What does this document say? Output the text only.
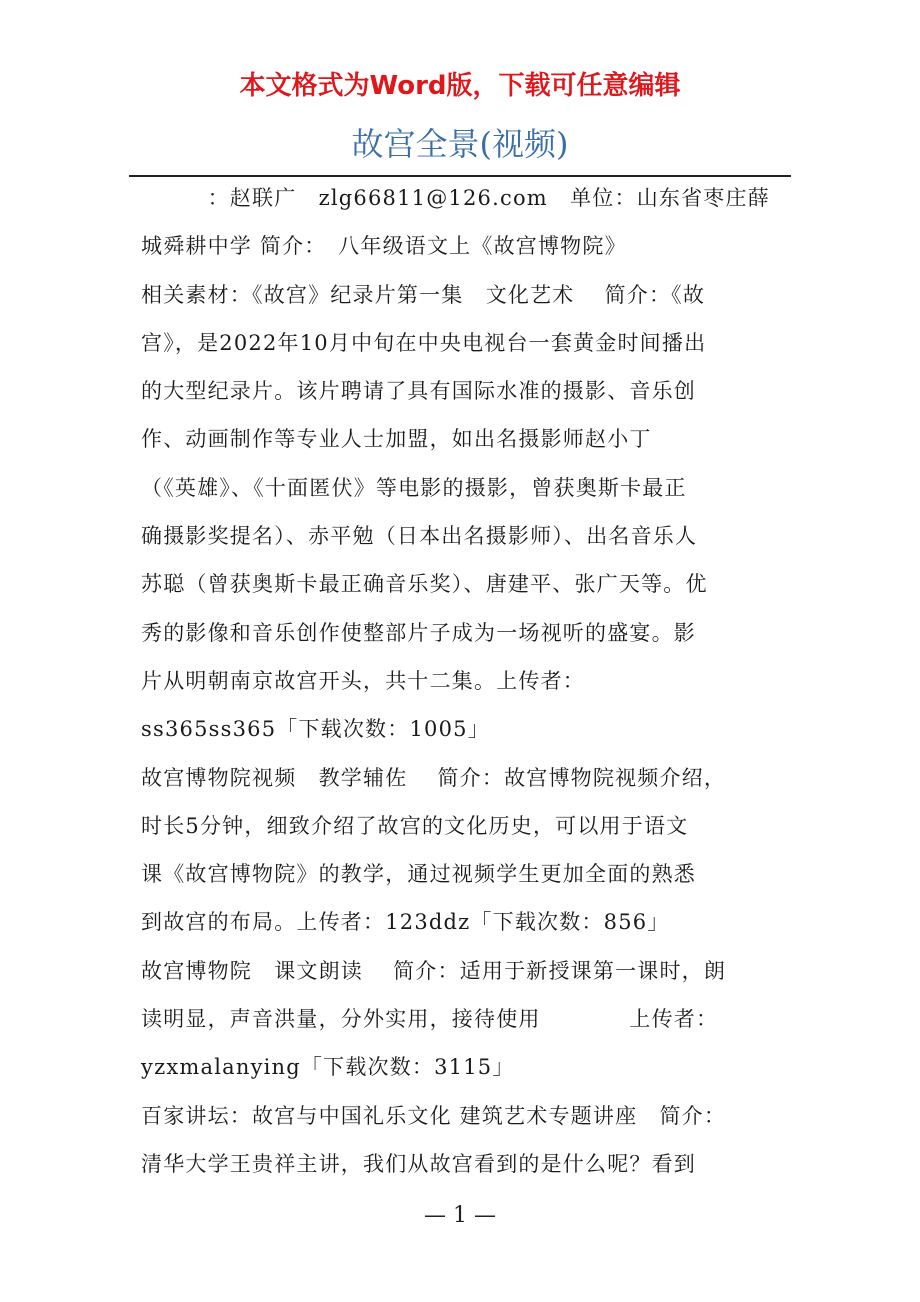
本文格式为Word版，下载可任意编辑
故宫全景(视频)
　　　：赵联广　zlg66811@126.com　单位：山东省枣庄薛
城舜耕中学 简介：　八年级语文上《故宫博物院》
相关素材：《故宫》纪录片第一集　文化艺术　 简介：《故
宫》，是2022年10月中旬在中央电视台一套黄金时间播出
的大型纪录片。该片聘请了具有国际水准的摄影、音乐创
作、动画制作等专业人士加盟，如出名摄影师赵小丁
（《英雄》、《十面匿伏》等电影的摄影，曾获奥斯卡最正
确摄影奖提名）、赤平勉（日本出名摄影师）、出名音乐人
苏聪（曾获奥斯卡最正确音乐奖）、唐建平、张广天等。优
秀的影像和音乐创作使整部片子成为一场视听的盛宴。影
片从明朝南京故宫开头，共十二集。上传者：
ss365ss365「下载次数：1005」
故宫博物院视频　教学辅佐　 简介：故宫博物院视频介绍，
时长5分钟，细致介绍了故宫的文化历史，可以用于语文
课《故宫博物院》的教学，通过视频学生更加全面的熟悉
到故宫的布局。上传者：123ddz「下载次数：856」
故宫博物院　课文朗读　 简介：适用于新授课第一课时，朗
读明显，声音洪量，分外实用，接待使用　　　　上传者：
yzxmalanying「下载次数：3115」
百家讲坛：故宫与中国礼乐文化 建筑艺术专题讲座　简介：
清华大学王贵祥主讲，我们从故宫看到的是什么呢？看到
— 1 —
